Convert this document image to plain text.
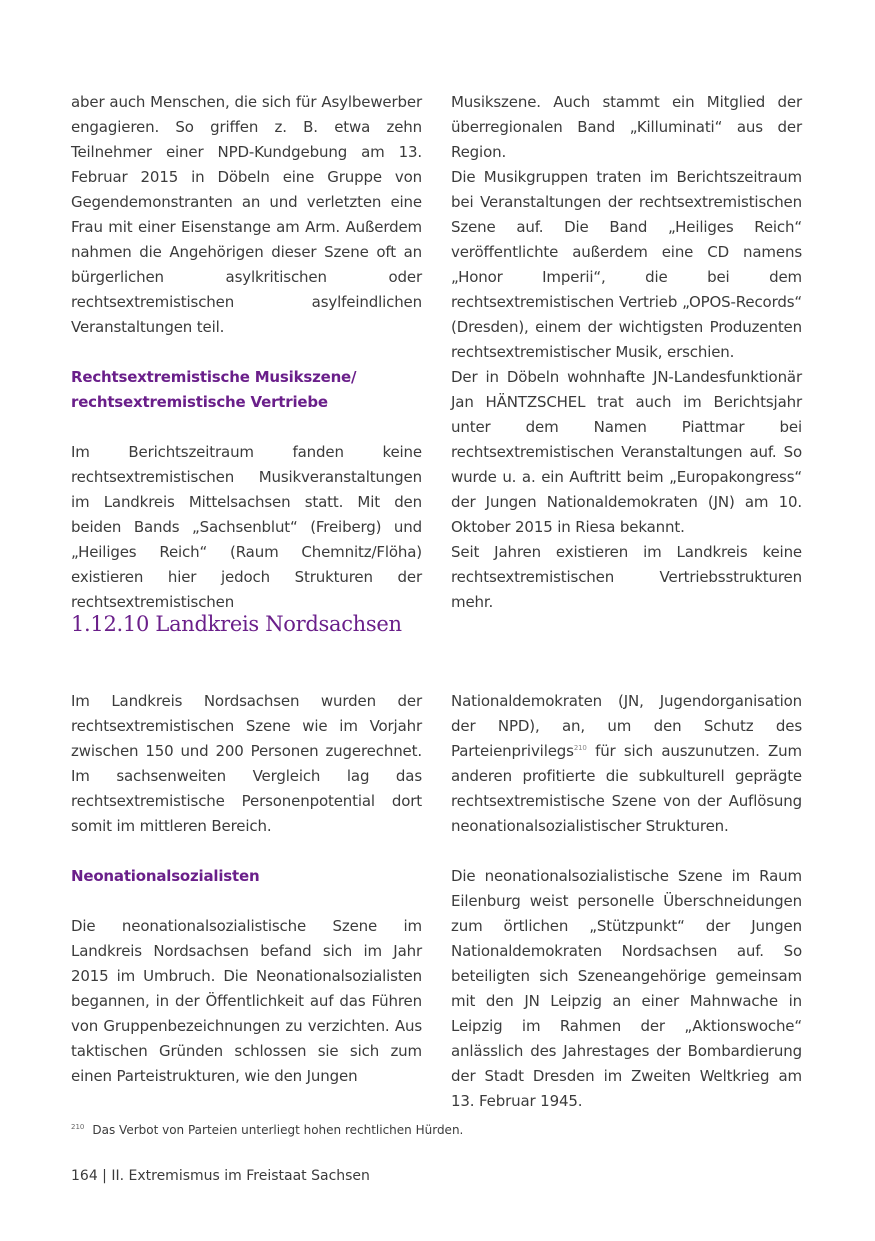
aber auch Menschen, die sich für Asylbewerber engagieren. So griffen z. B. etwa zehn Teilnehmer einer NPD-Kundgebung am 13. Februar 2015 in Döbeln eine Gruppe von Gegendemonstranten an und verletzten eine Frau mit einer Eisenstange am Arm. Außerdem nahmen die Angehörigen dieser Szene oft an bürgerlichen asylkritischen oder rechtsextremistischen asylfeindlichen Veranstaltungen teil.

Rechtsextremistische Musikszene/ rechtsextremistische Vertriebe

Im Berichtszeitraum fanden keine rechtsextremistischen Musikveranstaltungen im Landkreis Mittelsachsen statt. Mit den beiden Bands „Sachsenblut“ (Freiberg) und „Heiliges Reich“ (Raum Chemnitz/Flöha) existieren hier jedoch Strukturen der rechtsextremistischen

Musikszene. Auch stammt ein Mitglied der überregionalen Band „Killuminati“ aus der Region.

Die Musikgruppen traten im Berichtszeitraum bei Veranstaltungen der rechtsextremistischen Szene auf. Die Band „Heiliges Reich“ veröffentlichte außerdem eine CD namens „Honor Imperii“, die bei dem rechtsextremistischen Vertrieb „OPOS-Records“ (Dresden), einem der wichtigsten Produzenten rechtsextremistischer Musik, erschien.

Der in Döbeln wohnhafte JN-Landesfunktionär Jan HÄNTZSCHEL trat auch im Berichtsjahr unter dem Namen Piattmar bei rechtsextremistischen Veranstaltungen auf. So wurde u. a. ein Auftritt beim „Europakongress“ der Jungen Nationaldemokraten (JN) am 10. Oktober 2015 in Riesa bekannt.

Seit Jahren existieren im Landkreis keine rechtsextremistischen Vertriebsstrukturen mehr.

1.12.10 Landkreis Nordsachsen

Im Landkreis Nordsachsen wurden der rechtsextremistischen Szene wie im Vorjahr zwischen 150 und 200 Personen zugerechnet. Im sachsenweiten Vergleich lag das rechtsextremistische Personenpotential dort somit im mittleren Bereich.

Neonationalsozialisten

Die neonationalsozialistische Szene im Landkreis Nordsachsen befand sich im Jahr 2015 im Umbruch. Die Neonationalsozialisten begannen, in der Öffentlichkeit auf das Führen von Gruppenbezeichnungen zu verzichten. Aus taktischen Gründen schlossen sie sich zum einen Parteistrukturen, wie den Jungen

Nationaldemokraten (JN, Jugendorganisation der NPD), an, um den Schutz des Parteienprivilegs$^{210}$ für sich auszunutzen. Zum anderen profitierte die subkulturell geprägte rechtsextremistische Szene von der Auflösung neonationalsozialistischer Strukturen.

Die neonationalsozialistische Szene im Raum Eilenburg weist personelle Überschneidungen zum örtlichen „Stützpunkt“ der Jungen Nationaldemokraten Nordsachsen auf. So beteiligten sich Szeneangehörige gemeinsam mit den JN Leipzig an einer Mahnwache in Leipzig im Rahmen der „Aktionswoche“ anlässlich des Jahrestages der Bombardierung der Stadt Dresden im Zweiten Weltkrieg am 13. Februar 1945.

$^{210}$ Das Verbot von Parteien unterliegt hohen rechtlichen Hürden.
164 | II. Extremismus im Freistaat Sachsen
